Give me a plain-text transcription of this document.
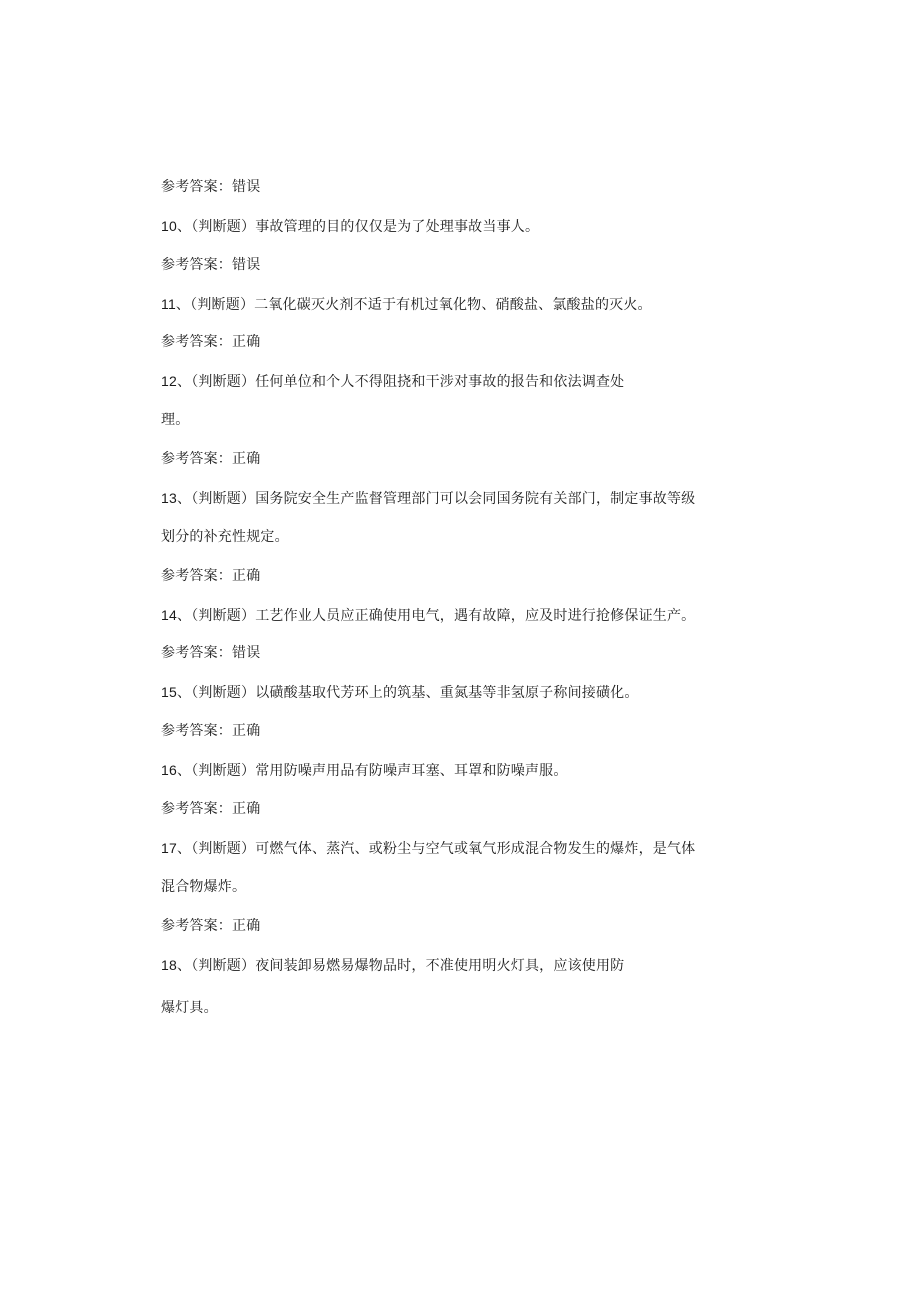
参考答案：错误
10、（判断题）事故管理的目的仅仅是为了处理事故当事人。
参考答案：错误
11、（判断题）二氧化碳灭火剂不适于有机过氧化物、硝酸盐、氯酸盐的灭火。
参考答案：正确
12、（判断题）任何单位和个人不得阻挠和干涉对事故的报告和依法调查处
理。
参考答案：正确
13、（判断题）国务院安全生产监督管理部门可以会同国务院有关部门，制定事故等级
划分的补充性规定。
参考答案：正确
14、（判断题）工艺作业人员应正确使用电气，遇有故障，应及时进行抢修保证生产。
参考答案：错误
15、（判断题）以磺酸基取代芳环上的筑基、重氮基等非氢原子称间接磺化。
参考答案：正确
16、（判断题）常用防噪声用品有防噪声耳塞、耳罩和防噪声服。
参考答案：正确
17、（判断题）可燃气体、蒸汽、或粉尘与空气或氧气形成混合物发生的爆炸，是气体
混合物爆炸。
参考答案：正确
18、（判断题）夜间装卸易燃易爆物品时，不准使用明火灯具，应该使用防
爆灯具。
